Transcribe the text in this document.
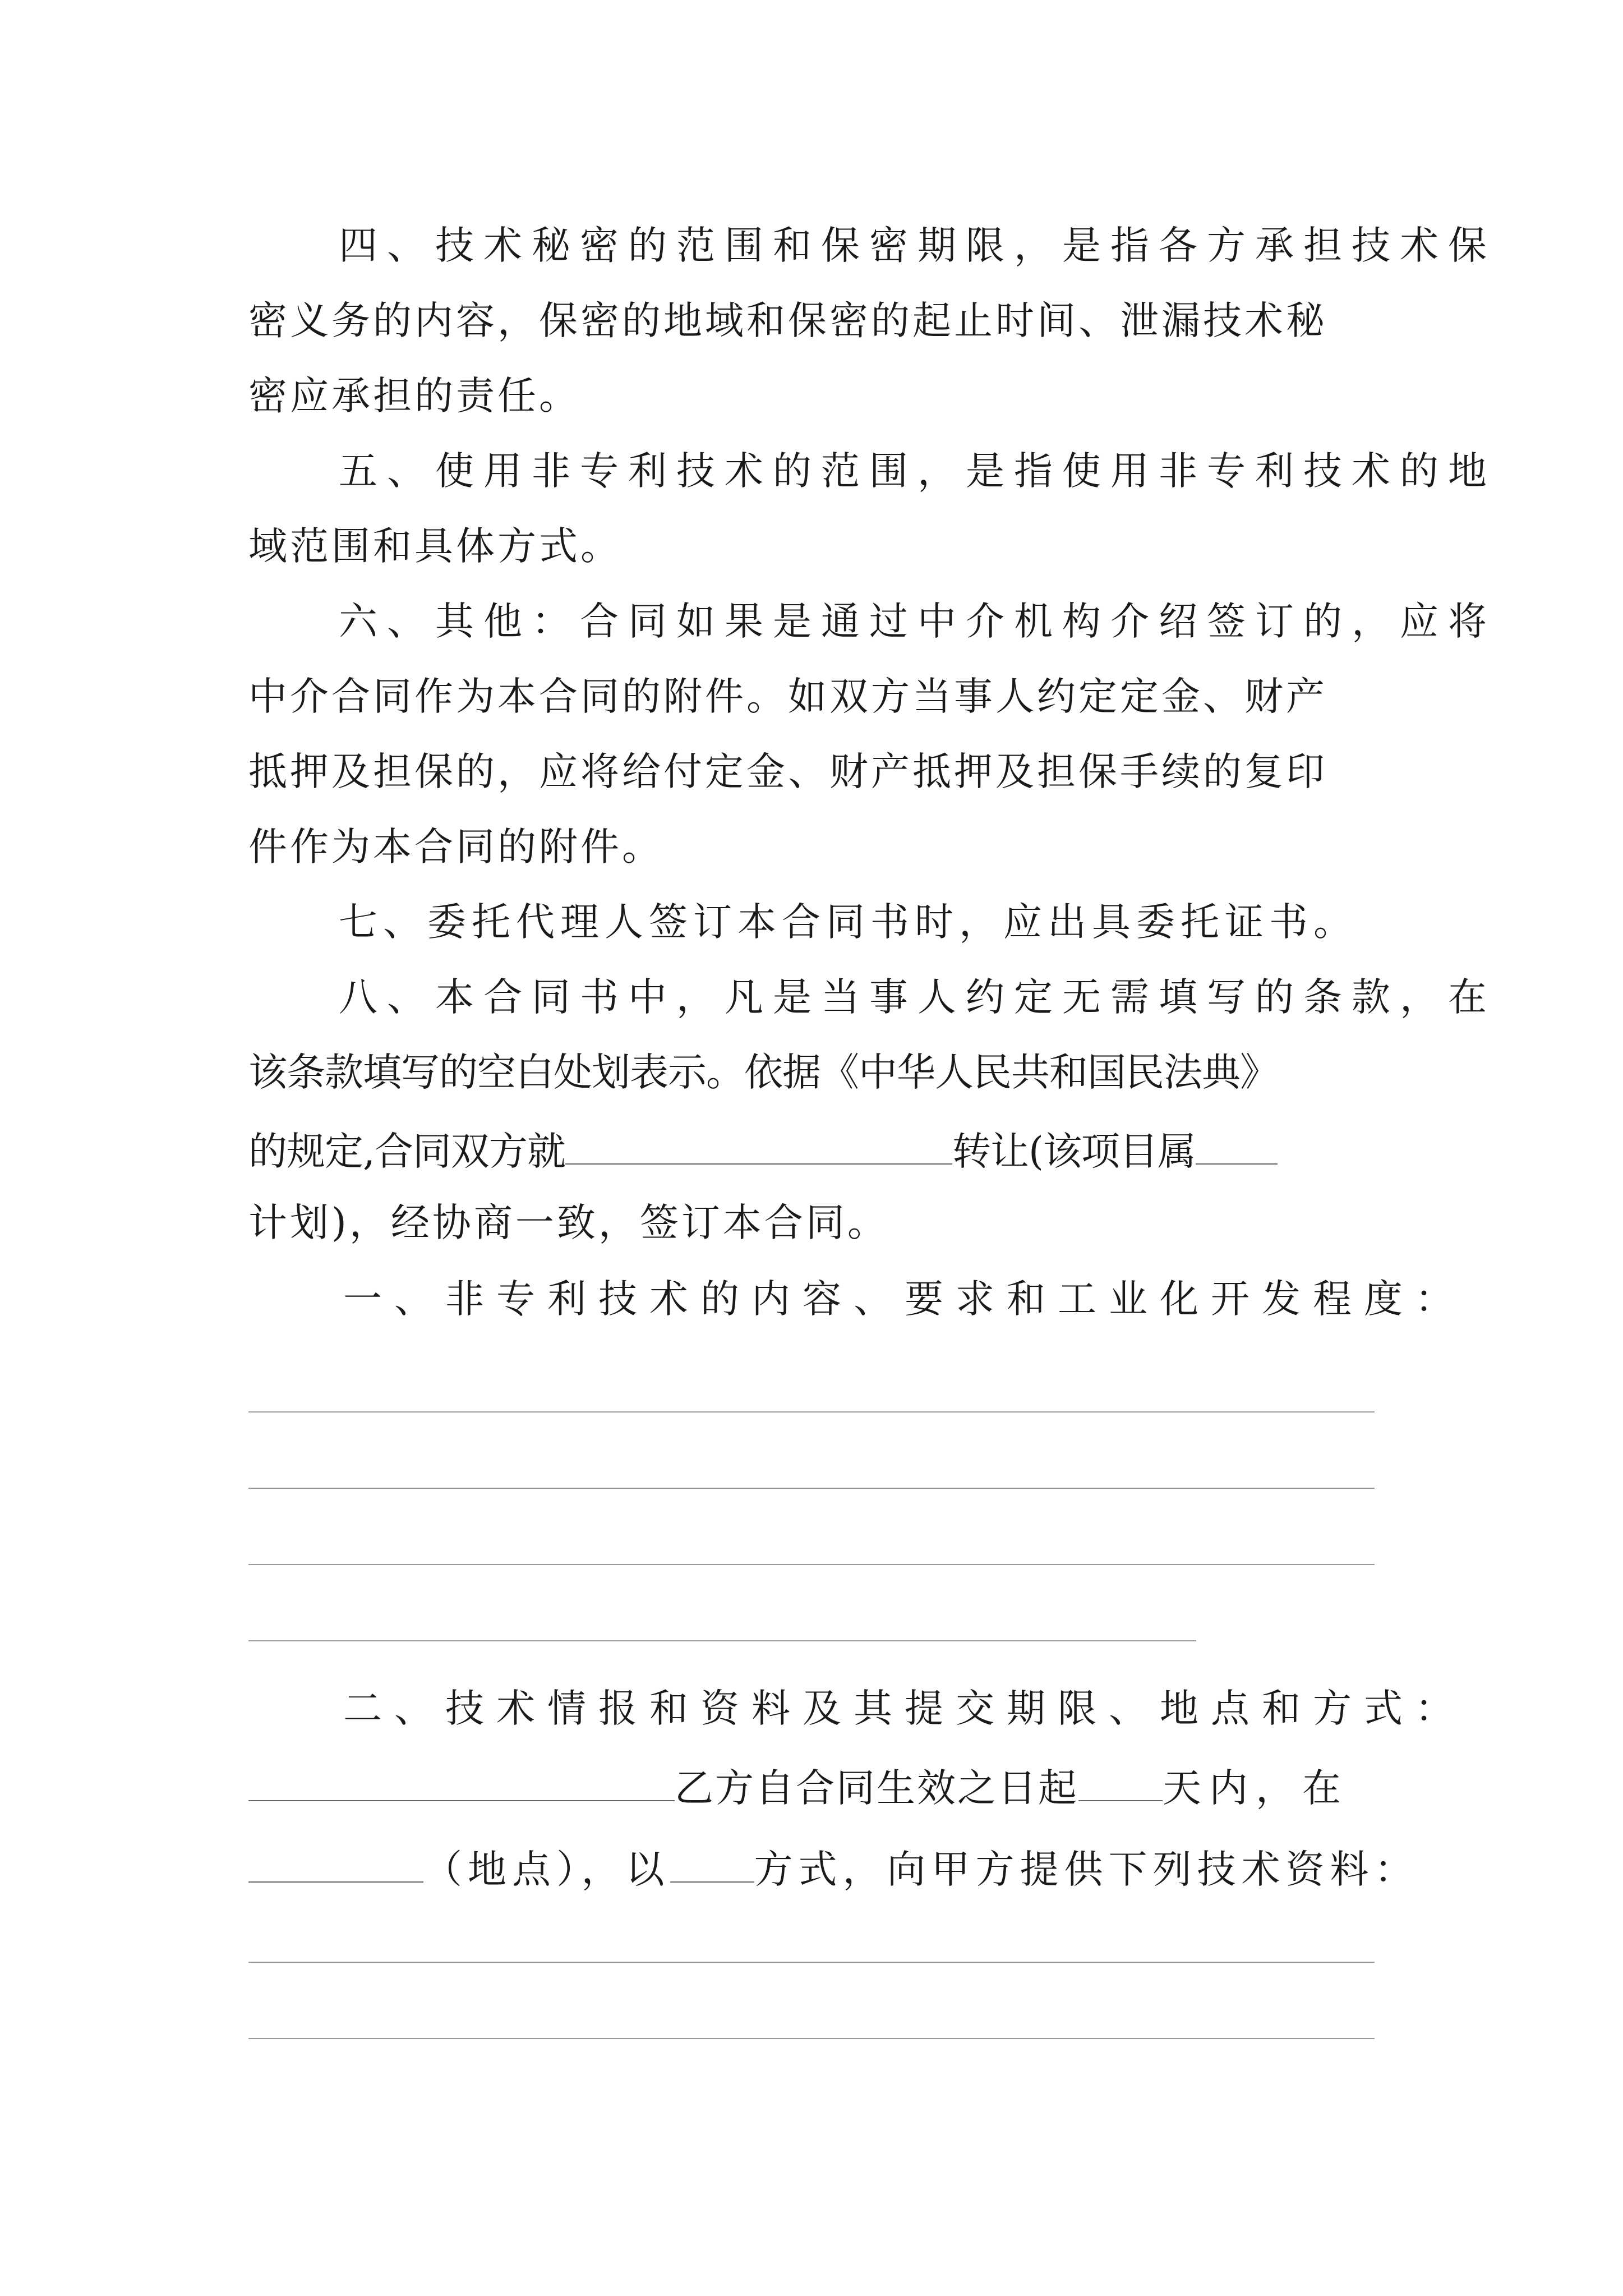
四、技术秘密的范围和保密期限，是指各方承担技术保
密义务的内容，保密的地域和保密的起止时间、泄漏技术秘
密应承担的责任。
五、使用非专利技术的范围，是指使用非专利技术的地
域范围和具体方式。
六、其他：合同如果是通过中介机构介绍签订的，应将
中介合同作为本合同的附件。如双方当事人约定定金、财产
抵押及担保的，应将给付定金、财产抵押及担保手续的复印
件作为本合同的附件。
七、委托代理人签订本合同书时，应出具委托证书。
八、本合同书中，凡是当事人约定无需填写的条款，在
该条款填写的空白处划表示。依据《中华人民共和国民法典》
的规定,合同双方就	转让(该项目属
计划)，经协商一致，签订本合同。
一、非专利技术的内容、要求和工业化开发程度：
二、技术情报和资料及其提交期限、地点和方式：
乙方自合同生效之日起 天内，在
（地点），以 方式，向甲方提供下列技术资料：
